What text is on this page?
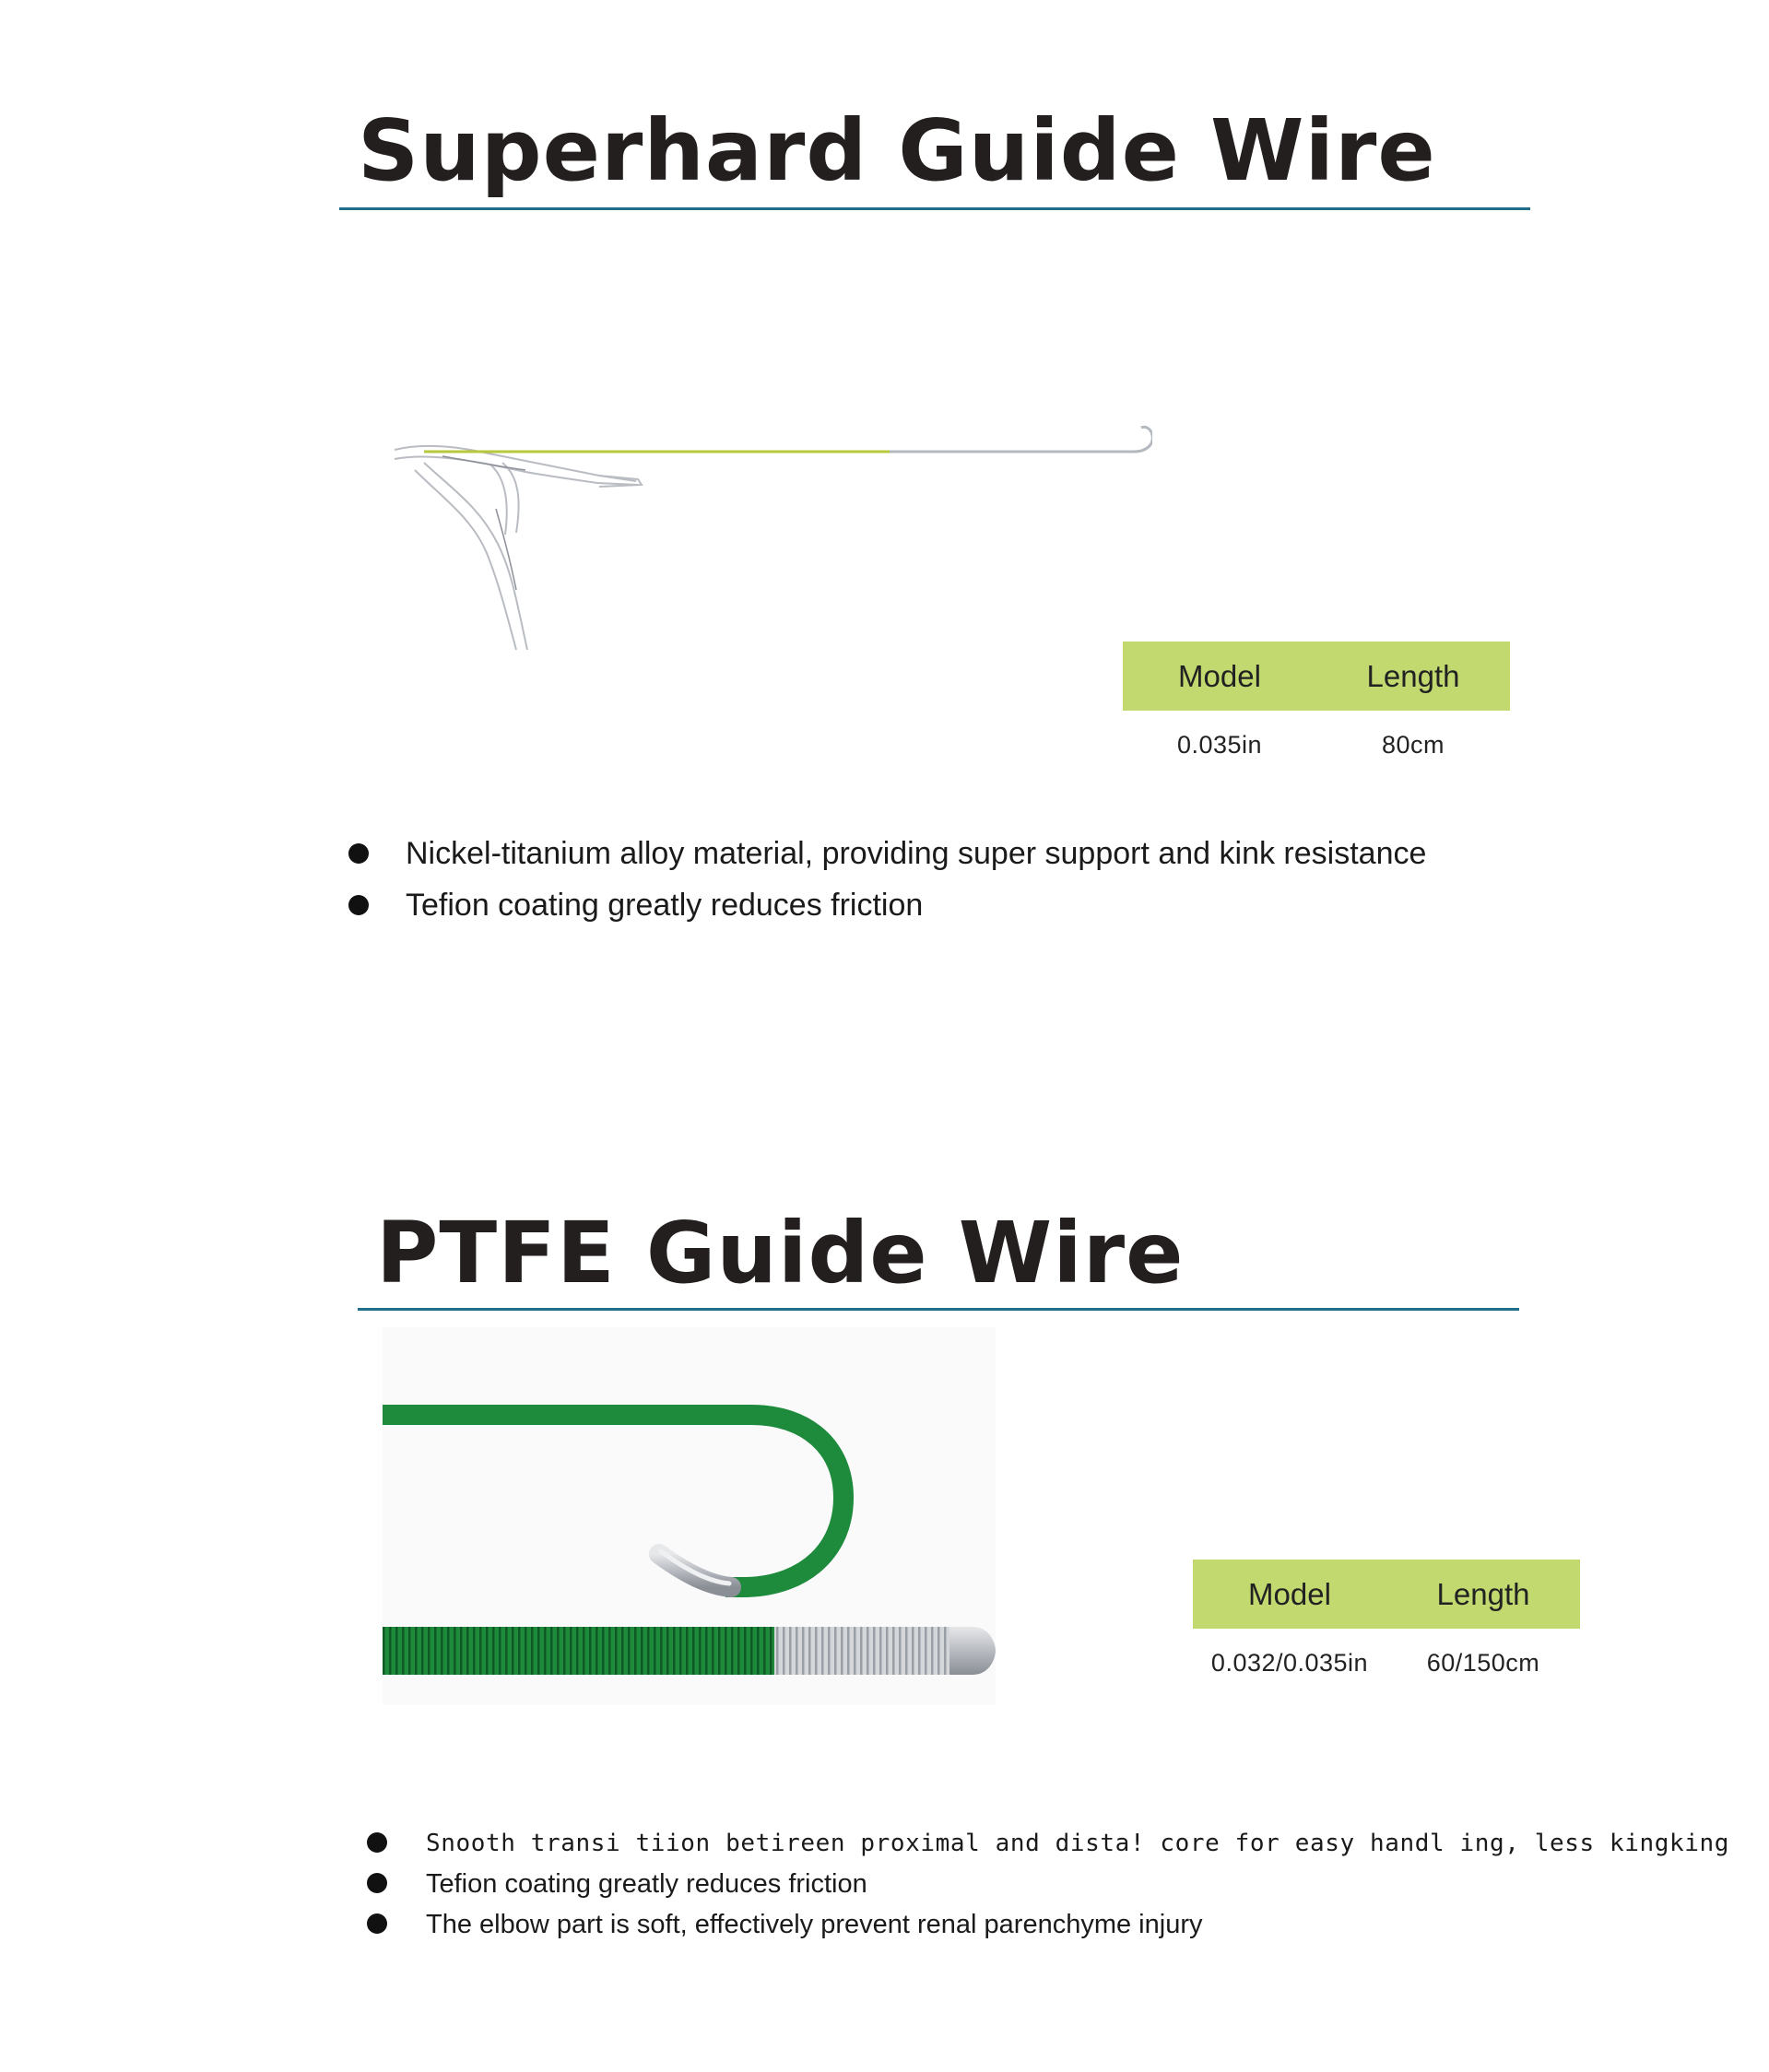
Superhard Guide Wire
Model	Length
0.035in	80cm
Nickel-titanium alloy material, providing super support and kink resistance
Tefion coating greatly reduces friction
PTFE Guide Wire
Model	Length
0.032/0.035in	60/150cm
Snooth transi tiion betireen proximal and dista! core for easy handl ing, less kingking
Tefion coating greatly reduces friction
The elbow part is soft, effectively prevent renal parenchyme injury
